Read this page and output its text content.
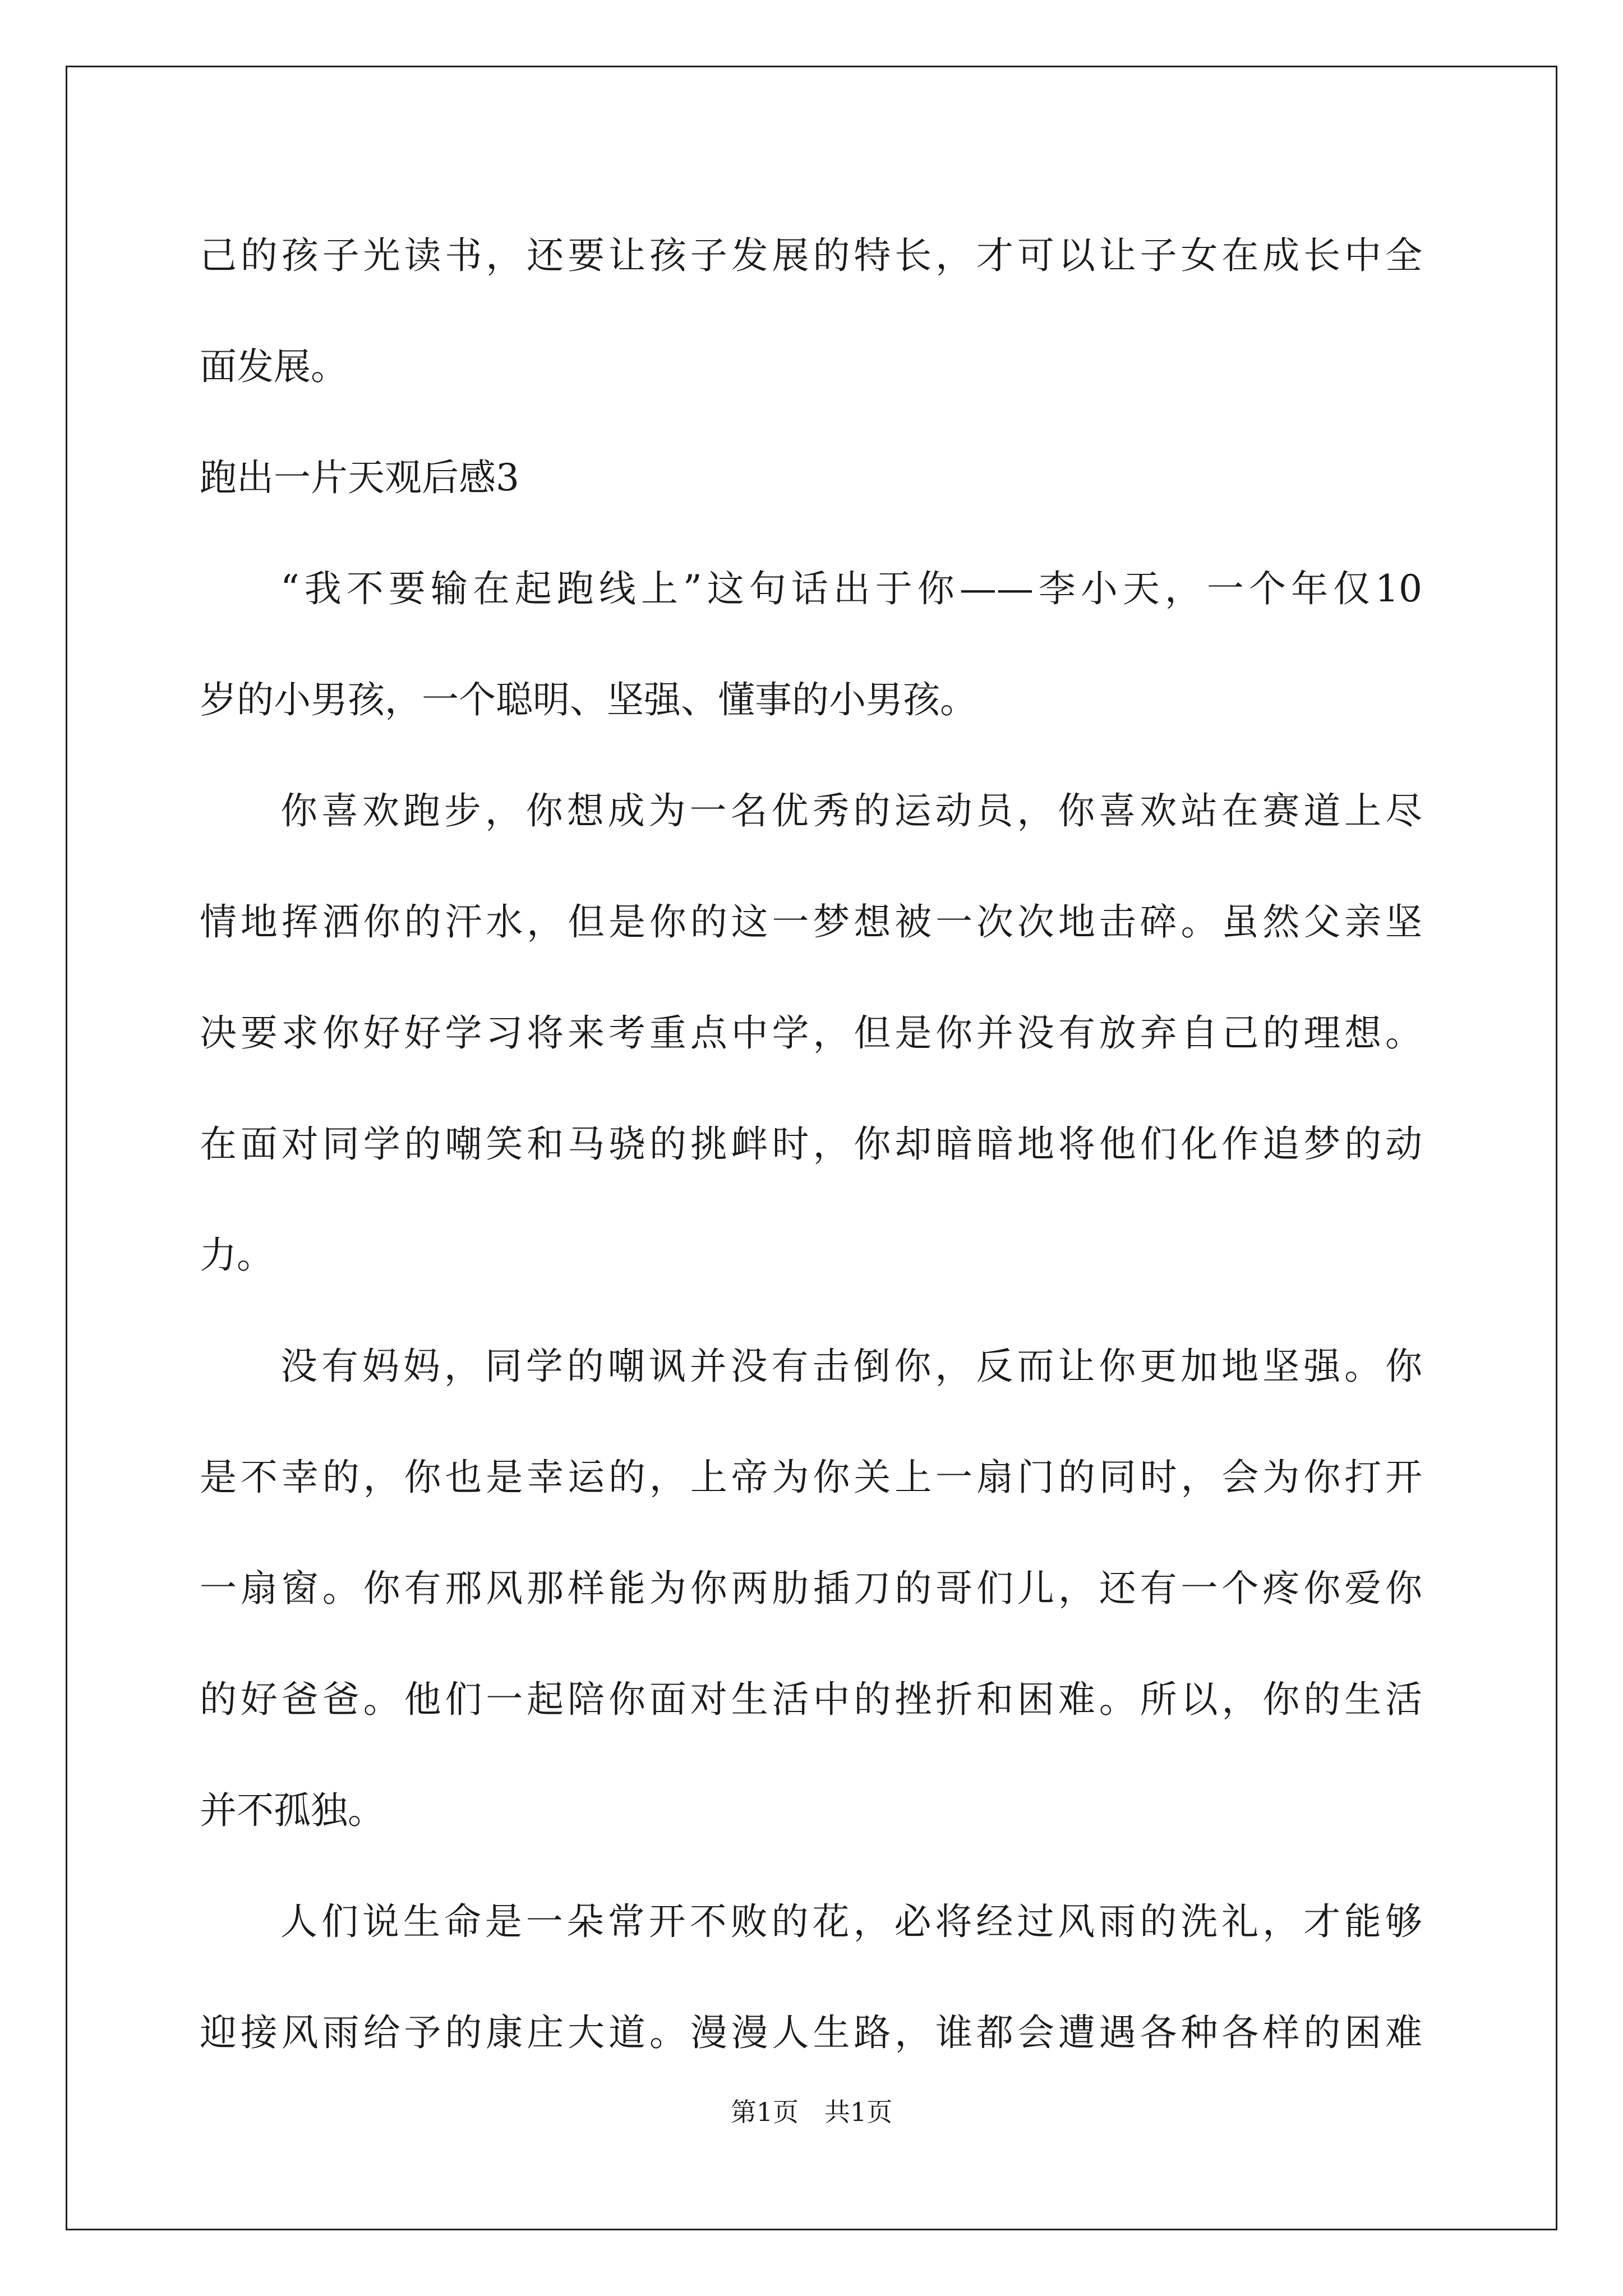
己的孩子光读书，还要让孩子发展的特长，才可以让子女在成长中全
面发展。
跑出一片天观后感3
“我不要输在起跑线上”这句话出于你——李小天，一个年仅10
岁的小男孩，一个聪明、坚强、懂事的小男孩。
你喜欢跑步，你想成为一名优秀的运动员，你喜欢站在赛道上尽
情地挥洒你的汗水，但是你的这一梦想被一次次地击碎。虽然父亲坚
决要求你好好学习将来考重点中学，但是你并没有放弃自己的理想。
在面对同学的嘲笑和马骁的挑衅时，你却暗暗地将他们化作追梦的动
力。
没有妈妈，同学的嘲讽并没有击倒你，反而让你更加地坚强。你
是不幸的，你也是幸运的，上帝为你关上一扇门的同时，会为你打开
一扇窗。你有邢风那样能为你两肋插刀的哥们儿，还有一个疼你爱你
的好爸爸。他们一起陪你面对生活中的挫折和困难。所以，你的生活
并不孤独。
人们说生命是一朵常开不败的花，必将经过风雨的洗礼，才能够
迎接风雨给予的康庄大道。漫漫人生路，谁都会遭遇各种各样的困难
第1页　共1页
